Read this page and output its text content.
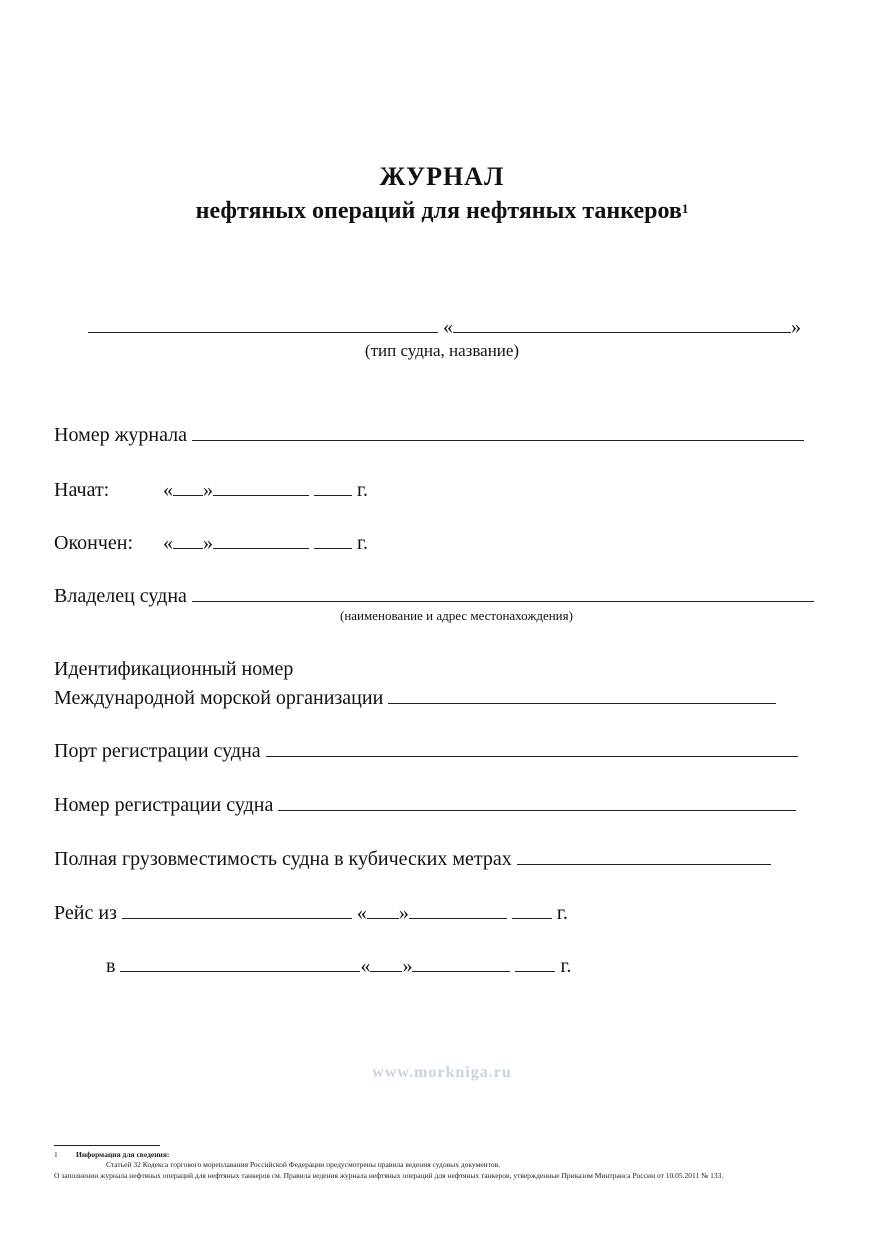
ЖУРНАЛ
нефтяных операций для нефтяных танкеров$^1$
«	»
(тип судна, название)
Номер журнала
Начат:	« »	г.
Окончен: « »	г.
Владелец судна
(наименование и адрес местонахождения)
Идентификационный номер
Международной морской организации
Порт регистрации судна
Номер регистрации судна
Полная грузовместимость судна в кубических метрах
Рейс из	« »	г.
в	« »	г.
www.morkniga.ru
1 Информация для сведения:
Статьей 32 Кодекса торгового мореплавания Российской Федерации предусмотрены правила ведения судовых документов.
О заполнении журнала нефтяных операций для нефтяных танкеров см. Правила ведения журнала нефтяных операций для нефтяных танкеров, утвержденные Приказом Минтранса России от 10.05.2011 № 133.
